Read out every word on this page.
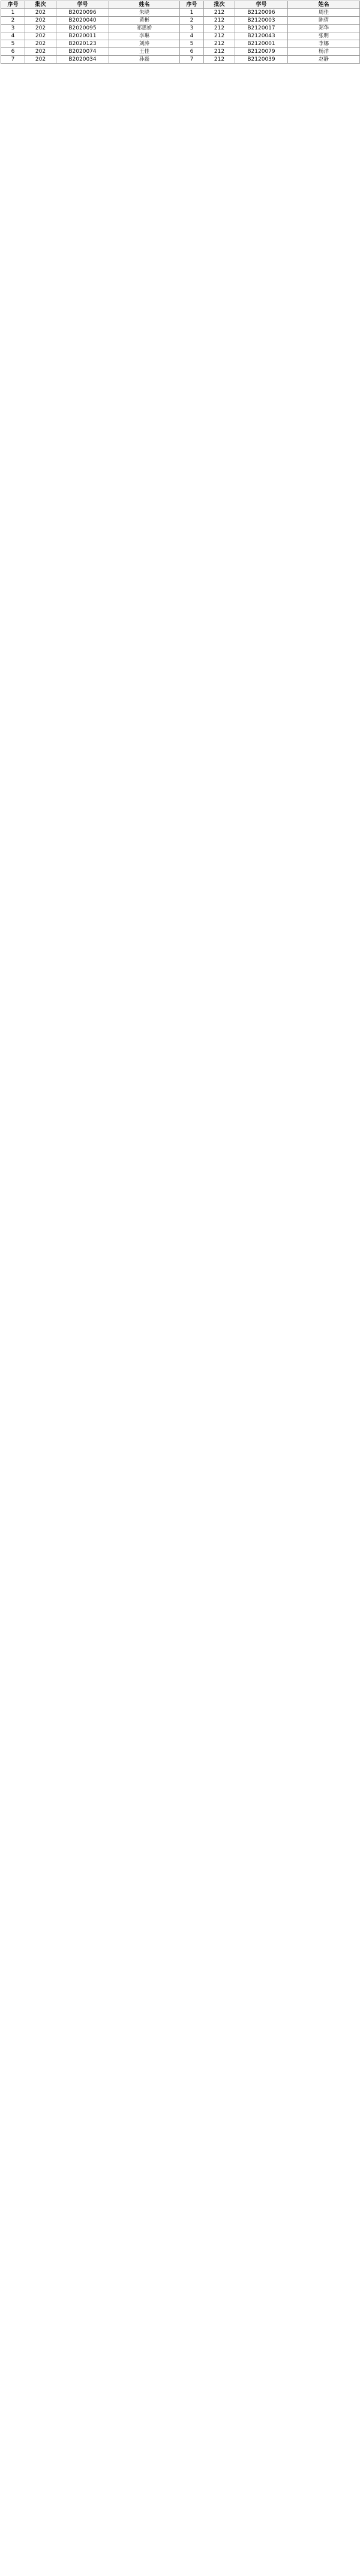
序号	批次	学号	姓名	序号	批次	学号	姓名
1	202	B2020096	朱晓	1	212	B2120096	周佳
2	202	B2020040	黄彬	2	212	B2120003	陈倩
3	202	B2020095	祁思娇	3	212	B2120017	郑华
4	202	B2020011	李琳	4	212	B2120043	张明
5	202	B2020123	刘涛	5	212	B2120001	李娜
6	202	B2020074	王佳	6	212	B2120079	杨洋
7	202	B2020034	孙磊	7	212	B2120039	赵静
